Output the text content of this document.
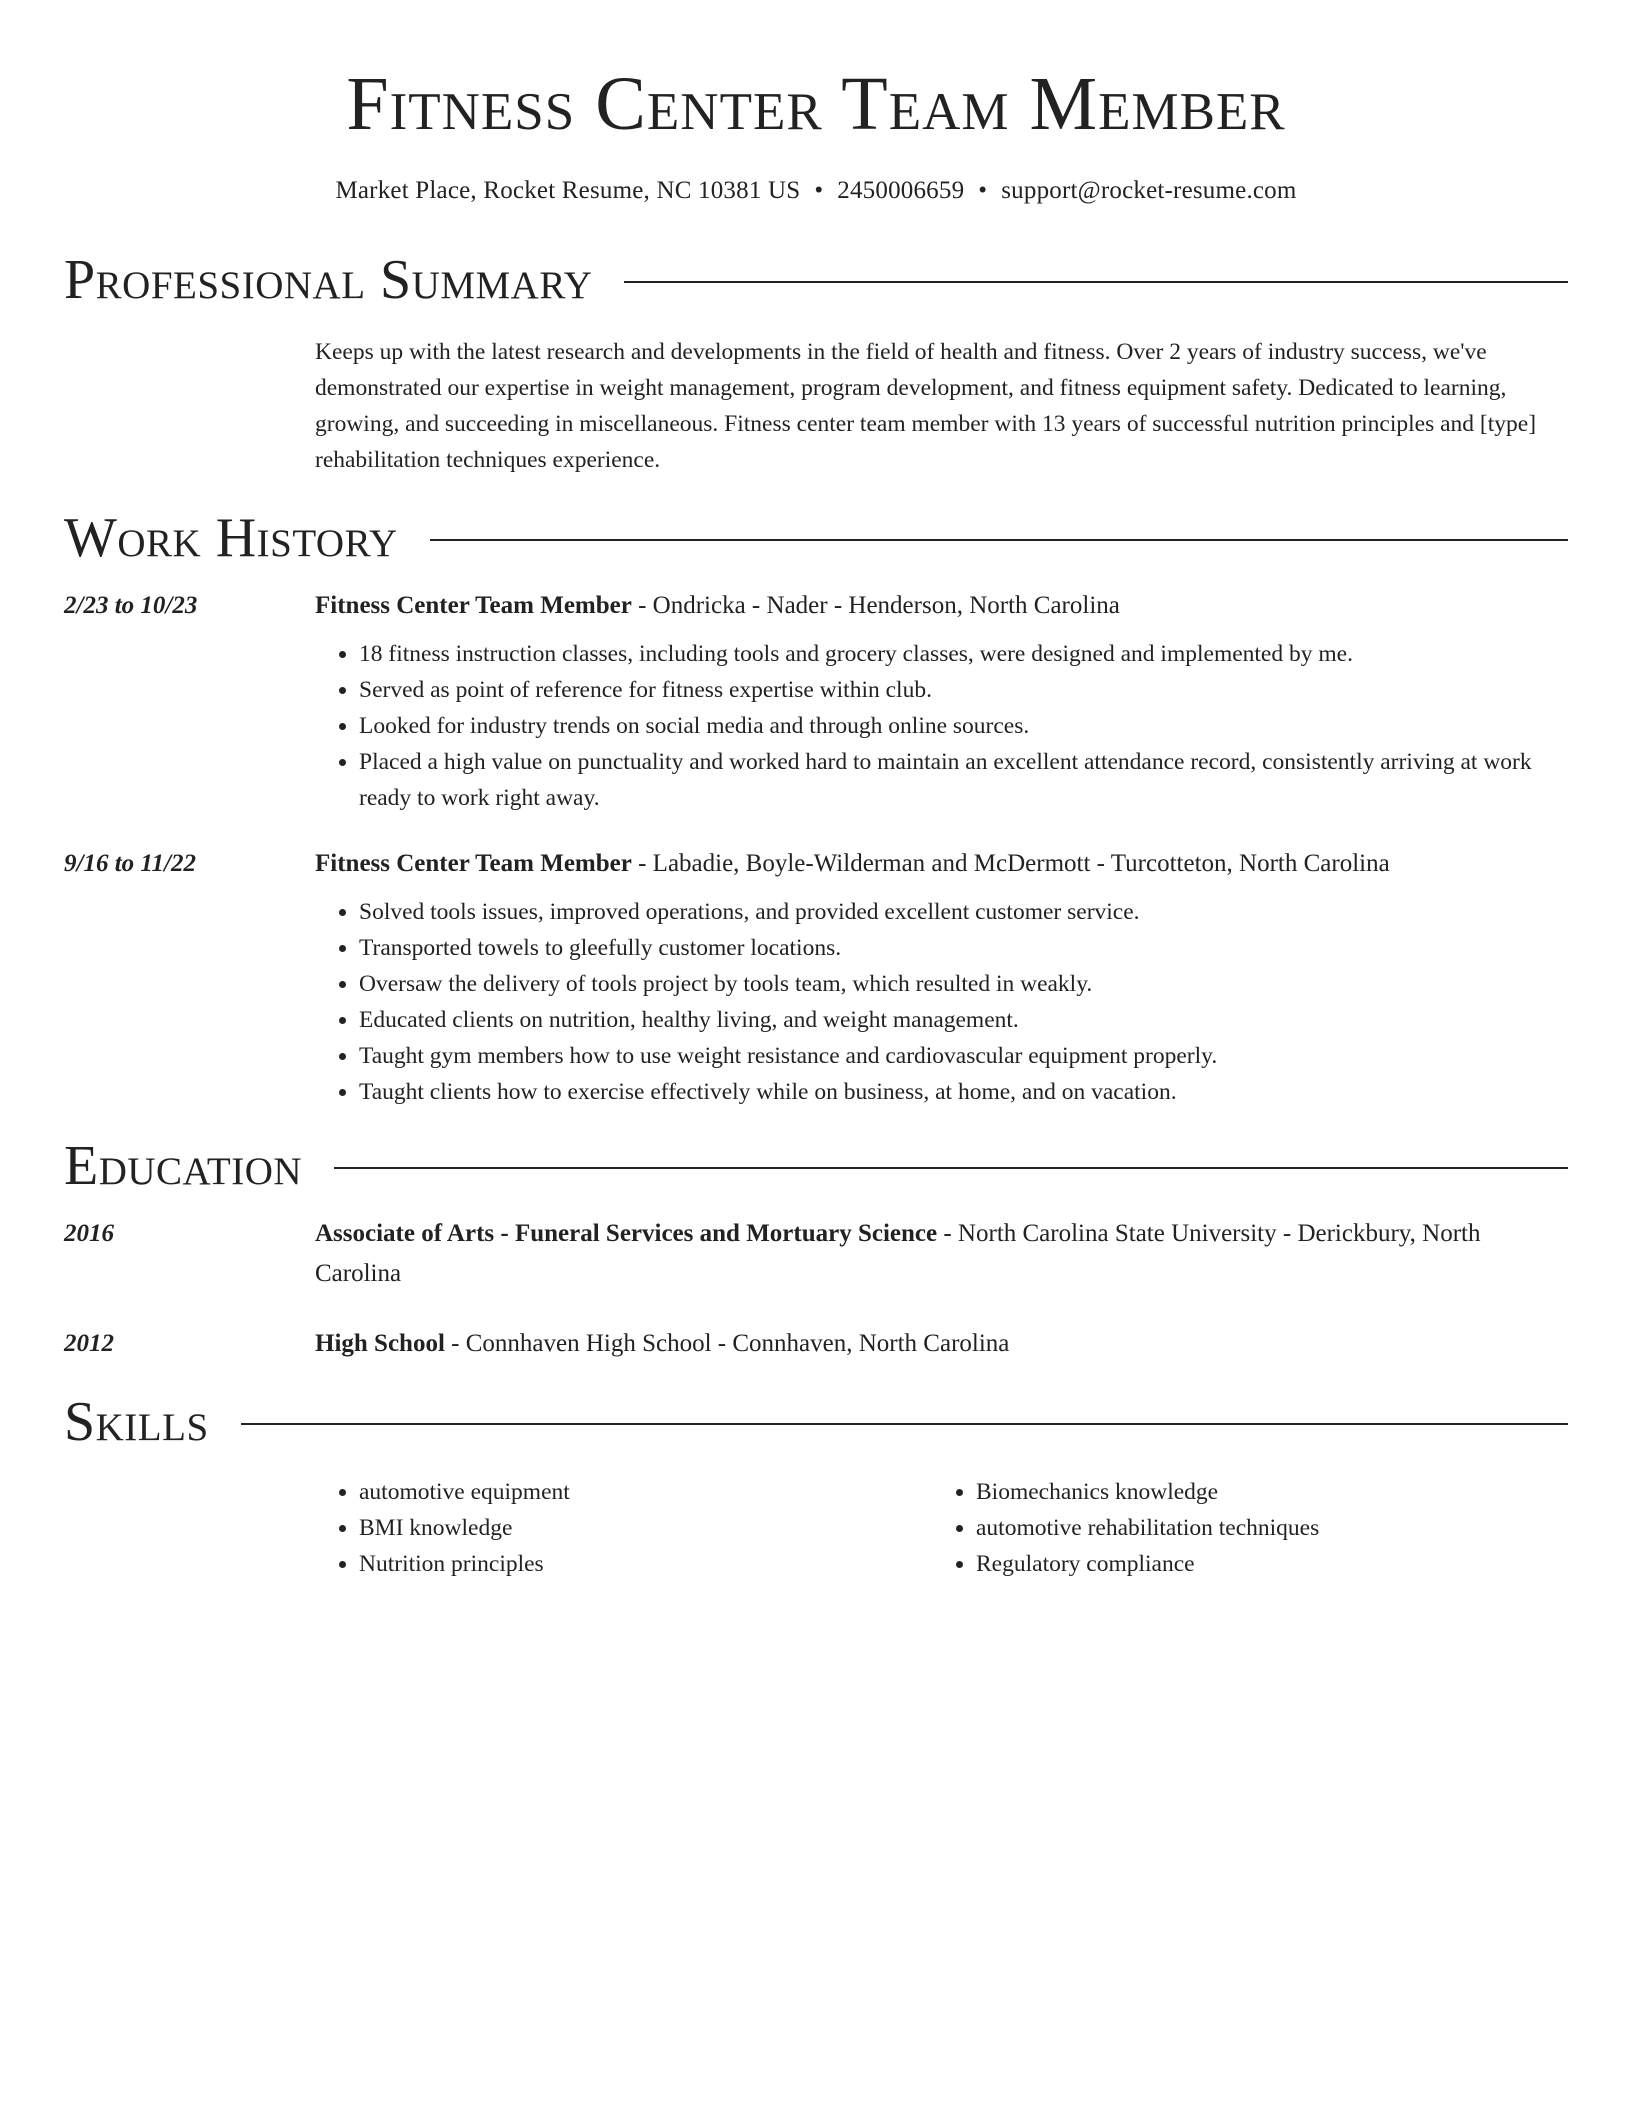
Fitness Center Team Member
Market Place, Rocket Resume, NC 10381 US • 2450006659 • support@rocket-resume.com
Professional Summary
Keeps up with the latest research and developments in the field of health and fitness. Over 2 years of industry success, we've demonstrated our expertise in weight management, program development, and fitness equipment safety. Dedicated to learning, growing, and succeeding in miscellaneous. Fitness center team member with 13 years of successful nutrition principles and [type] rehabilitation techniques experience.
Work History
2/23 to 10/23	Fitness Center Team Member - Ondricka - Nader - Henderson, North Carolina
• 18 fitness instruction classes, including tools and grocery classes, were designed and implemented by me.
• Served as point of reference for fitness expertise within club.
• Looked for industry trends on social media and through online sources.
• Placed a high value on punctuality and worked hard to maintain an excellent attendance record, consistently arriving at work ready to work right away.
9/16 to 11/22	Fitness Center Team Member - Labadie, Boyle-Wilderman and McDermott - Turcotteton, North Carolina
• Solved tools issues, improved operations, and provided excellent customer service.
• Transported towels to gleefully customer locations.
• Oversaw the delivery of tools project by tools team, which resulted in weakly.
• Educated clients on nutrition, healthy living, and weight management.
• Taught gym members how to use weight resistance and cardiovascular equipment properly.
• Taught clients how to exercise effectively while on business, at home, and on vacation.
Education
2016	Associate of Arts - Funeral Services and Mortuary Science - North Carolina State University - Derickbury, North Carolina
2012	High School - Connhaven High School - Connhaven, North Carolina
Skills
• automotive equipment
• BMI knowledge
• Nutrition principles
• Biomechanics knowledge
• automotive rehabilitation techniques
• Regulatory compliance
